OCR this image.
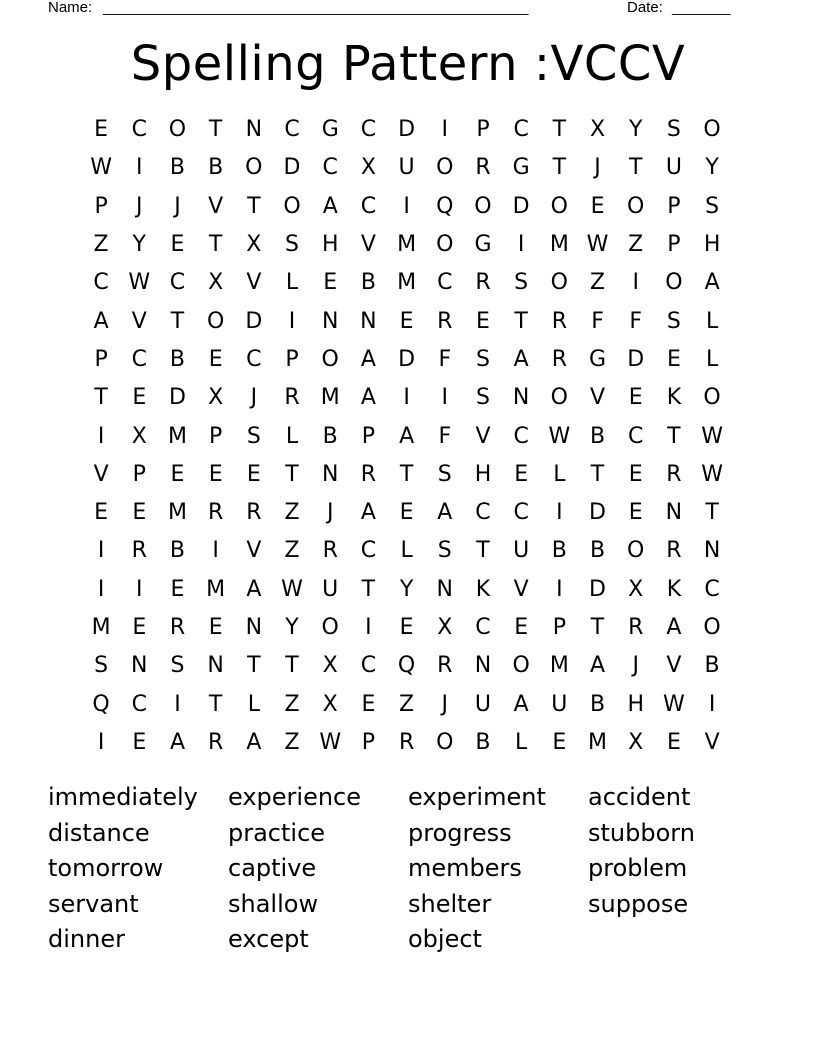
Name: ___________________________________________________	Date: _______
Spelling Pattern :VCCV
E	C O	T	N	C G C	D	I	P	C	T	X	Y	S	O
W	I	B	B O D	C	X	U O R	G	T	J	T	U	Y
P	J	J	V	T	O	A	C	I	Q O D O	E	O	P	S
Z	Y	E	T	X	S	H	V M O G	I	M W Z	P	H
C W C	X	V	L	E	B M C	R	S	O Z	I	O	A
A	V	T	O D	I	N N	E	R	E	T	R	F	F	S	L
P	C	B	E	C	P	O	A	D	F	S	A	R	G D	E	L
T	E	D	X	J	R M A	I	I	S	N O	V	E	K	O
I	X M	P	S	L	B	P	A	F	V	C W B	C	T W
V	P	E	E	E	T	N	R	T	S	H	E	L	T	E	R W
E	E M R	R	Z	J	A	E	A	C	C	I	D	E	N	T
I	R	B	I	V	Z	R	C	L	S	T	U	B	B O R	N
I	I	E M A W U	T	Y	N	K	V	I	D	X	K	C
M E	R	E	N	Y	O	I	E	X	C	E	P	T	R	A O
S	N	S	N	T	T	X	C Q R	N O M A	J	V	B
Q C	I	T	L	Z	X	E	Z	J	U	A	U	B	H W	I
I	E	A	R	A	Z W P	R O B	L	E M X	E	V
immediately
distance
tomorrow
servant
dinner
experience
practice
captive
shallow
except
experiment
progress
members
shelter
object
accident
stubborn
problem
suppose
